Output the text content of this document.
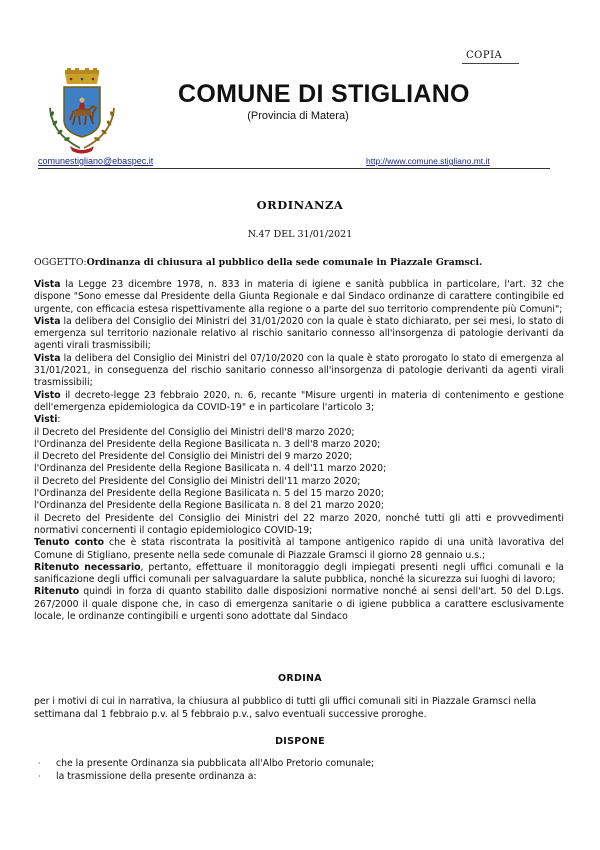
COPIA
COMUNE DI STIGLIANO
(Provincia di Matera)
comunestigliano@ebaspec.it	http://www.comune.stigliano.mt.it
ORDINANZA
N.47 DEL 31/01/2021
OGGETTO:Ordinanza di chiusura al pubblico della sede comunale in Piazzale Gramsci.
Vista la Legge 23 dicembre 1978, n. 833 in materia di igiene e sanità pubblica in particolare, l'art. 32 che dispone "Sono emesse dal Presidente della Giunta Regionale e dal Sindaco ordinanze di carattere contingibile ed urgente, con efficacia estesa rispettivamente alla regione o a parte del suo territorio comprendente più Comuni";
Vista la delibera del Consiglio dei Ministri del 31/01/2020 con la quale è stato dichiarato, per sei mesi, lo stato di emergenza sul territorio nazionale relativo al rischio sanitario connesso all'insorgenza di patologie derivanti da agenti virali trasmissibili;
Vista la delibera del Consiglio dei Ministri del 07/10/2020 con la quale è stato prorogato lo stato di emergenza al 31/01/2021, in conseguenza del rischio sanitario connesso all'insorgenza di patologie derivanti da agenti virali trasmissibili;
Visto il decreto-legge 23 febbraio 2020, n. 6, recante "Misure urgenti in materia di contenimento e gestione dell'emergenza epidemiologica da COVID-19" e in particolare l'articolo 3;
Visti:
il Decreto del Presidente del Consiglio dei Ministri dell'8 marzo 2020;
l'Ordinanza del Presidente della Regione Basilicata n. 3 dell'8 marzo 2020;
il Decreto del Presidente del Consiglio dei Ministri del 9 marzo 2020;
l'Ordinanza del Presidente della Regione Basilicata n. 4 dell'11 marzo 2020;
il Decreto del Presidente del Consiglio dei Ministri dell'11 marzo 2020;
l'Ordinanza del Presidente della Regione Basilicata n. 5 del 15 marzo 2020;
l'Ordinanza del Presidente della Regione Basilicata n. 8 del 21 marzo 2020;
il Decreto del Presidente del Consiglio dei Ministri del 22 marzo 2020, nonché tutti gli atti e provvedimenti normativi concernenti il contagio epidemiologico COVID-19;
Tenuto conto che è stata riscontrata la positività al tampone antigenico rapido di una unità lavorativa del Comune di Stigliano, presente nella sede comunale di Piazzale Gramsci il giorno 28 gennaio u.s.;
Ritenuto necessario, pertanto, effettuare il monitoraggio degli impiegati presenti negli uffici comunali e la sanificazione degli uffici comunali per salvaguardare la salute pubblica, nonché la sicurezza sui luoghi di lavoro;
Ritenuto quindi in forza di quanto stabilito dalle disposizioni normative nonché ai sensi dell'art. 50 del D.Lgs. 267/2000 il quale dispone che, in caso di emergenza sanitarie o di igiene pubblica a carattere esclusivamente locale, le ordinanze contingibili e urgenti sono adottate dal Sindaco
ORDINA
per i motivi di cui in narrativa, la chiusura al pubblico di tutti gli uffici comunali siti in Piazzale Gramsci nella settimana dal 1 febbraio p.v. al 5 febbraio p.v., salvo eventuali successive proroghe.
DISPONE
· che la presente Ordinanza sia pubblicata all'Albo Pretorio comunale;
· la trasmissione della presente ordinanza a:
